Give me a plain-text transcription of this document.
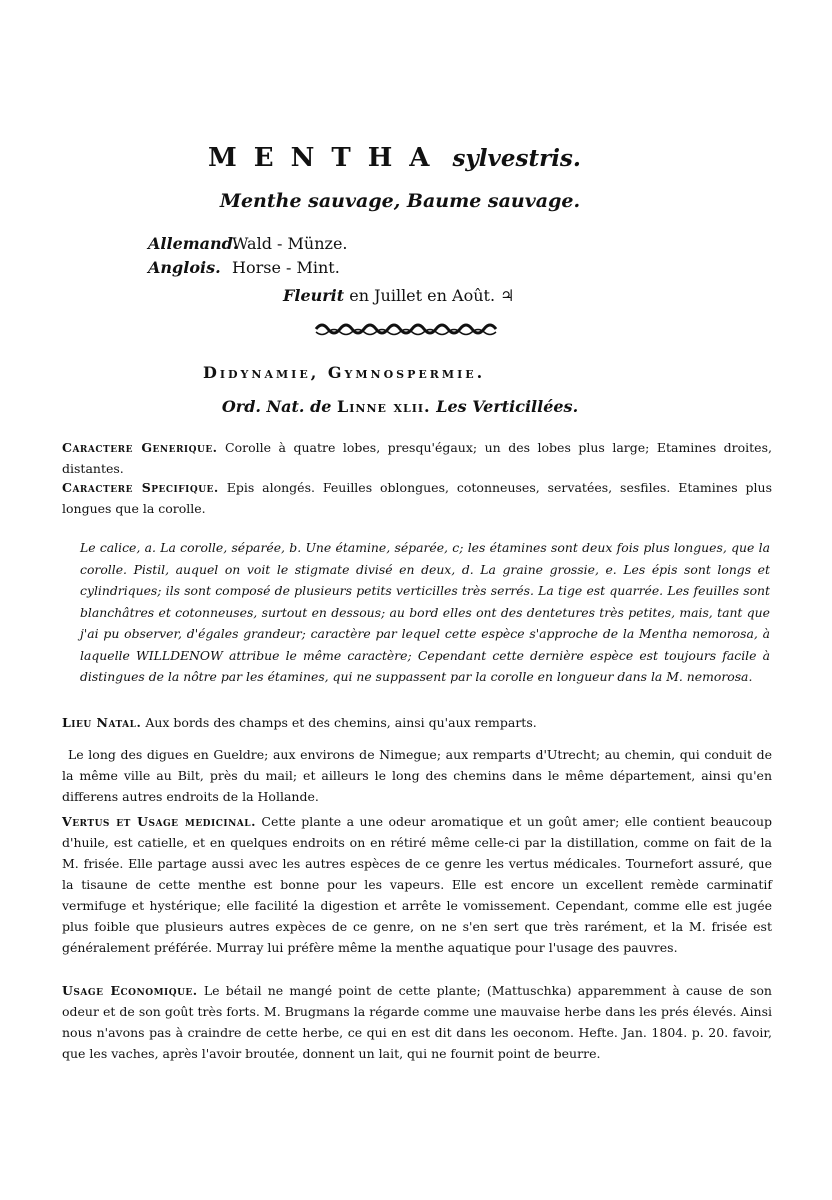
MENTHA sylvestris.
Menthe sauvage, Baume sauvage.
Allemand.Wald - Münze.
Anglois. Horse - Mint.
Fleurit en Juillet en Août. ♃
Didynamie, Gymnospermie.
Ord. Nat. de Linne xlii. Les Verticillées.
Caractere Generique. Corolle à quatre lobes, presqu'égaux; un des lobes plus large; Etamines droites, distantes.
Caractere Specifique. Epis alongés. Feuilles oblongues, cotonneuses, servatées, sesfiles. Etamines plus longues que la corolle.
Le calice, a. La corolle, séparée, b. Une étamine, séparée, c; les étamines sont deux fois plus longues, que la corolle. Pistil, auquel on voit le stigmate divisé en deux, d. La graine grossie, e. Les épis sont longs et cylindriques; ils sont composé de plusieurs petits verticilles très serrés. La tige est quarrée. Les feuilles sont blanchâtres et cotonneuses, surtout en dessous; au bord elles ont des dentetures très petites, mais, tant que j'ai pu observer, d'égales grandeur; caractère par lequel cette espèce s'approche de la Mentha nemorosa, à laquelle WILLDENOW attribue le même caractère; Cependant cette dernière espèce est toujours facile à distingues de la nôtre par les étamines, qui ne suppassent par la corolle en longueur dans la M. nemorosa.
Lieu Natal. Aux bords des champs et des chemins, ainsi qu'aux remparts.
Le long des digues en Gueldre; aux environs de Nimegue; aux remparts d'Utrecht; au chemin, qui conduit de la même ville au Bilt, près du mail; et ailleurs le long des chemins dans le même département, ainsi qu'en differens autres endroits de la Hollande.
Vertus et Usage medicinal. Cette plante a une odeur aromatique et un goût amer; elle contient beaucoup d'huile, est catielle, et en quelques endroits on en rétiré même celle-ci par la distillation, comme on fait de la M. frisée. Elle partage aussi avec les autres espèces de ce genre les vertus médicales. Tournefort assuré, que la tisaune de cette menthe est bonne pour les vapeurs. Elle est encore un excellent remède carminatif vermifuge et hystérique; elle facilité la digestion et arrête le vomissement. Cependant, comme elle est jugée plus foible que plusieurs autres expèces de ce genre, on ne s'en sert que très rarément, et la M. frisée est généralement préférée. Murray lui préfère même la menthe aquatique pour l'usage des pauvres.
Usage Economique. Le bétail ne mangé point de cette plante; (Mattuschka) apparemment à cause de son odeur et de son goût très forts. M. Brugmans la régarde comme une mauvaise herbe dans les prés élevés. Ainsi nous n'avons pas à craindre de cette herbe, ce qui en est dit dans les oeconom. Hefte. Jan. 1804. p. 20. favoir, que les vaches, après l'avoir broutée, donnent un lait, qui ne fournit point de beurre.
